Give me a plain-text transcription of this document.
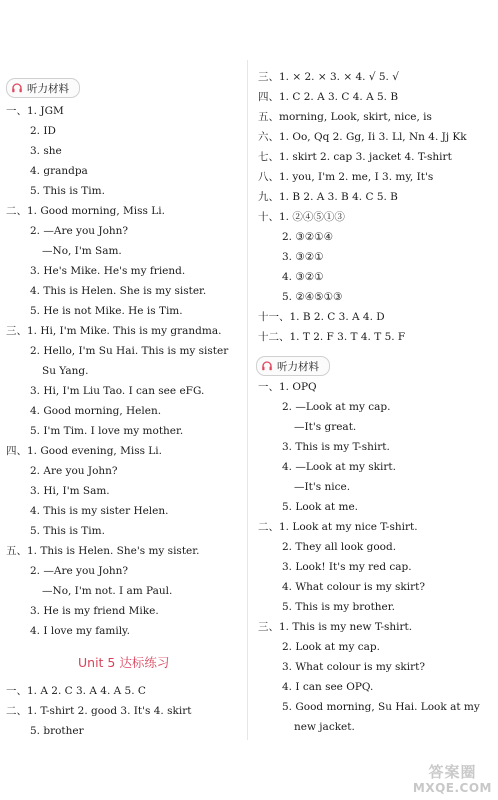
听力材料
一、1. JGM
2. ID
3. she
4. grandpa
5. This is Tim.
二、1. Good morning, Miss Li.
2. —Are you John?
—No, I'm Sam.
3. He's Mike. He's my friend.
4. This is Helen. She is my sister.
5. He is not Mike. He is Tim.
三、1. Hi, I'm Mike. This is my grandma.
2. Hello, I'm Su Hai. This is my sister
Su Yang.
3. Hi, I'm Liu Tao. I can see eFG.
4. Good morning, Helen.
5. I'm Tim. I love my mother.
四、1. Good evening, Miss Li.
2. Are you John?
3. Hi, I'm Sam.
4. This is my sister Helen.
5. This is Tim.
五、1. This is Helen. She's my sister.
2. —Are you John?
—No, I'm not. I am Paul.
3. He is my friend Mike.
4. I love my family.
Unit 5 达标练习
一、1. A 2. C 3. A 4. A 5. C
二、1. T-shirt 2. good 3. It's 4. skirt
5. brother
三、1. × 2. × 3. × 4. √ 5. √
四、1. C 2. A 3. C 4. A 5. B
五、morning, Look, skirt, nice, is
六、1. Oo, Qq 2. Gg, Ii 3. Ll, Nn 4. Jj Kk
七、1. skirt 2. cap 3. jacket 4. T-shirt
八、1. you, I'm 2. me, I 3. my, It's
九、1. B 2. A 3. B 4. C 5. B
十、1. ②④⑤①③
2. ③②①④
3. ③②①
4. ③②①
5. ②④⑤①③
十一、1. B 2. C 3. A 4. D
十二、1. T 2. F 3. T 4. T 5. F
听力材料
一、1. OPQ
2. —Look at my cap.
—It's great.
3. This is my T-shirt.
4. —Look at my skirt.
—It's nice.
5. Look at me.
二、1. Look at my nice T-shirt.
2. They all look good.
3. Look! It's my red cap.
4. What colour is my skirt?
5. This is my brother.
三、1. This is my new T-shirt.
2. Look at my cap.
3. What colour is my skirt?
4. I can see OPQ.
5. Good morning, Su Hai. Look at my
new jacket.
答案圈
MXQE.COM
